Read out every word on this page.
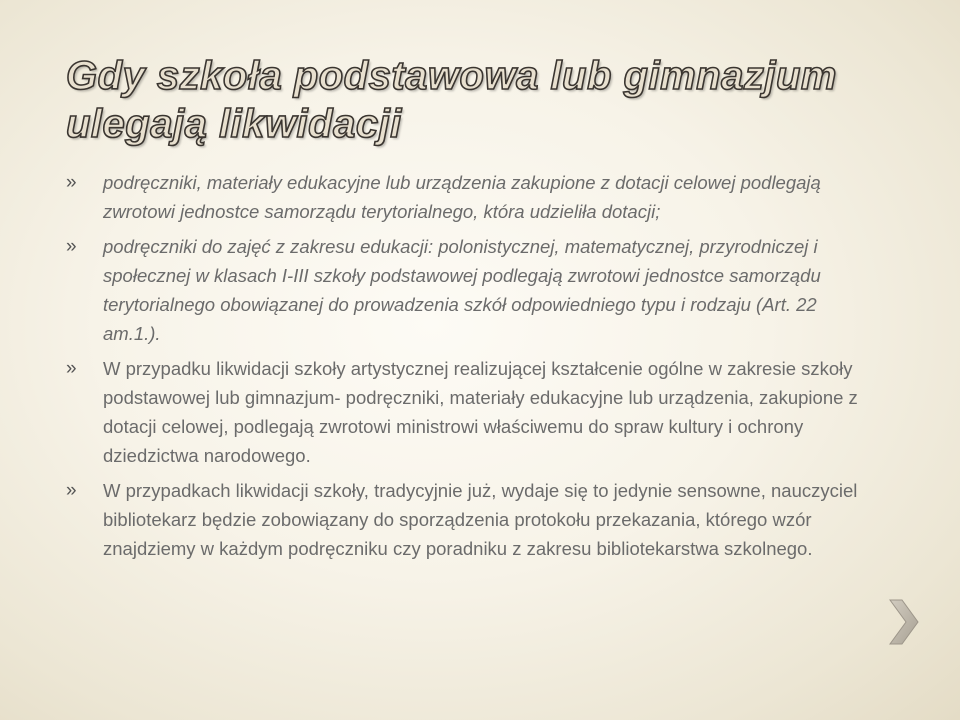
Gdy szkoła podstawowa lub gimnazjum ulegają likwidacji

» podręczniki, materiały edukacyjne lub urządzenia zakupione z dotacji celowej podlegają zwrotowi jednostce samorządu terytorialnego, która udzieliła dotacji;

» podręczniki do zajęć z zakresu edukacji: polonistycznej, matematycznej, przyrodniczej i społecznej w klasach I-III szkoły podstawowej podlegają zwrotowi jednostce samorządu terytorialnego obowiązanej do prowadzenia szkół odpowiedniego typu i rodzaju (Art. 22 am.1.).

» W przypadku likwidacji szkoły artystycznej realizującej kształcenie ogólne w zakresie szkoły podstawowej lub gimnazjum- podręczniki, materiały edukacyjne lub urządzenia, zakupione z dotacji celowej, podlegają zwrotowi ministrowi właściwemu do spraw kultury i ochrony dziedzictwa narodowego.

» W przypadkach likwidacji szkoły, tradycyjnie już, wydaje się to jedynie sensowne, nauczyciel bibliotekarz będzie zobowiązany do sporządzenia protokołu przekazania, którego wzór znajdziemy w każdym podręczniku czy poradniku z zakresu bibliotekarstwa szkolnego.
